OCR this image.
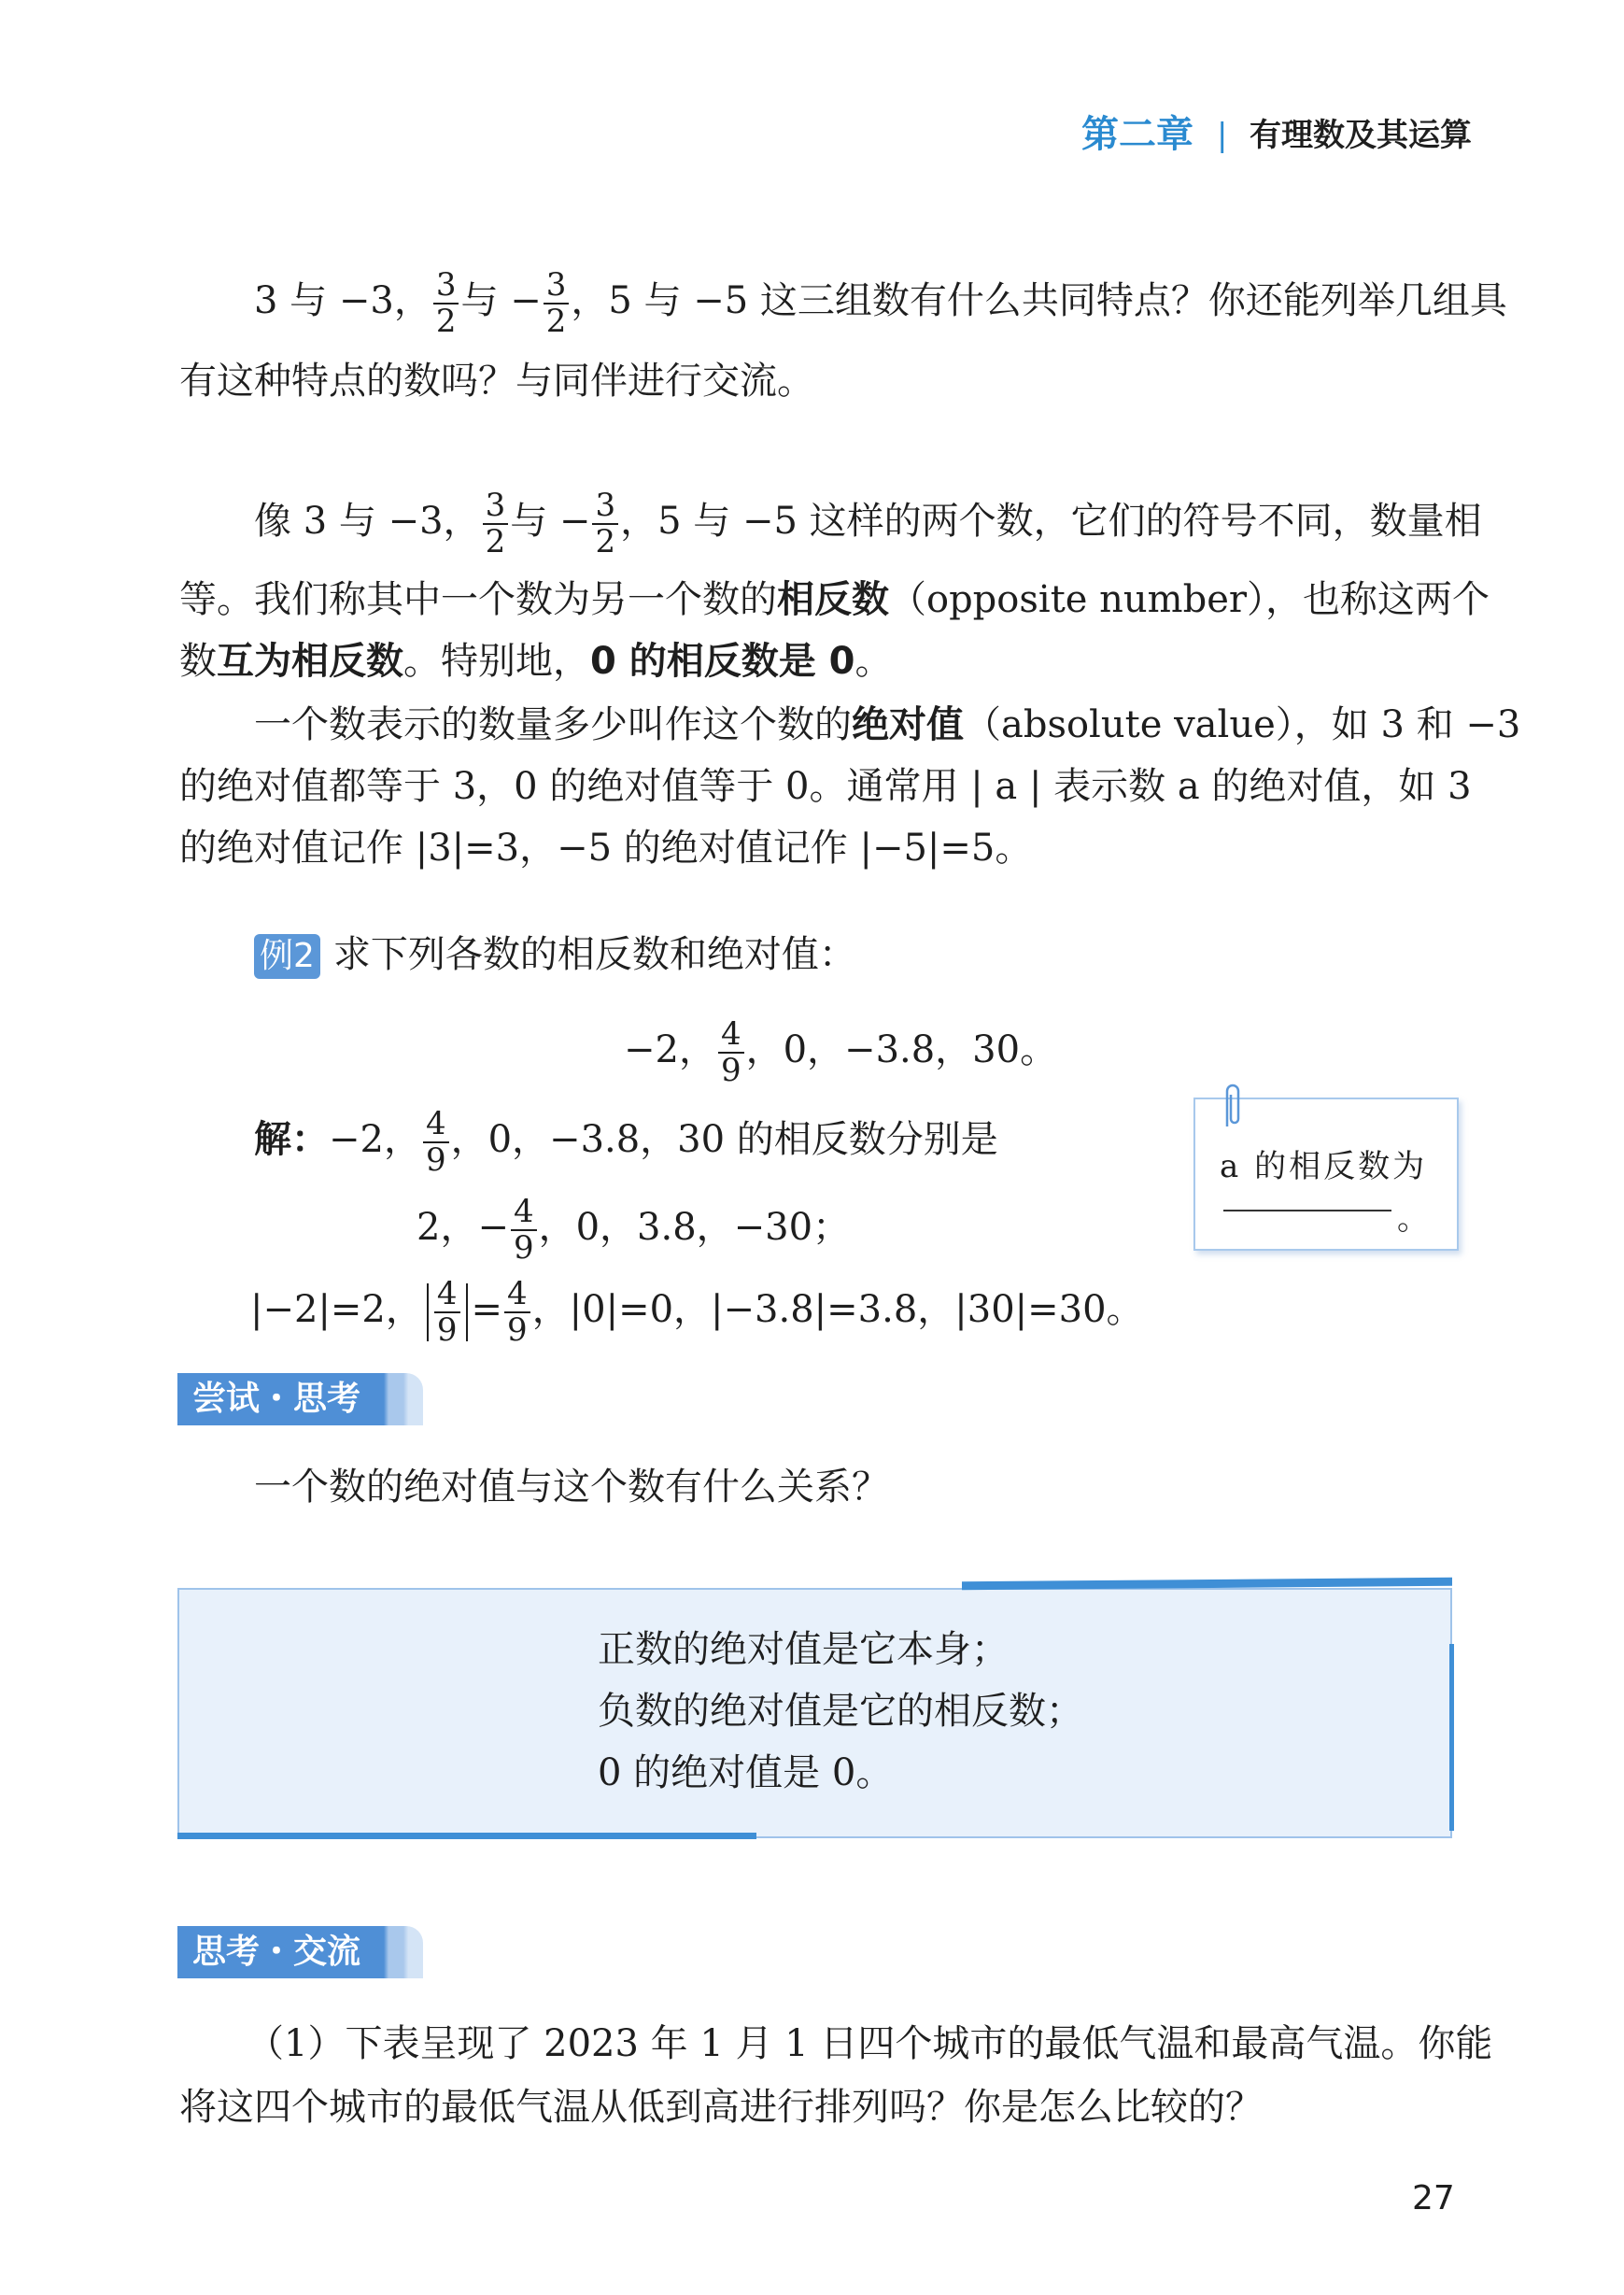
第二章 | 有理数及其运算
3 与 −3， $\frac{3}{2}$ 与 − $\frac{3}{2}$ ，5 与 −5 这三组数有什么共同特点？你还能列举几组具
有这种特点的数吗？与同伴进行交流。
像 3 与 −3， $\frac{3}{2}$ 与 − $\frac{3}{2}$ ，5 与 −5 这样的两个数，它们的符号不同，数量相
等。我们称其中一个数为另一个数的相反数（opposite number），也称这两个
数互为相反数。特别地，0 的相反数是 0。
一个数表示的数量多少叫作这个数的绝对值（absolute value），如 3 和 −3
的绝对值都等于 3，0 的绝对值等于 0。通常用 | a | 表示数 a 的绝对值，如 3
的绝对值记作 |3|=3，−5 的绝对值记作 |−5|=5。
例2 求下列各数的相反数和绝对值：
−2， $\frac{4}{9}$ ，0，−3.8，30。
解：−2， $\frac{4}{9}$ ，0，−3.8，30 的相反数分别是
2，− $\frac{4}{9}$ ，0，3.8，−30；
|−2|=2， $\frac{4}{9} = \frac{4}{9}$ ，|0|=0，|−3.8|=3.8，|30|=30。
a 的相反数为
。
尝试・思考
一个数的绝对值与这个数有什么关系？
正数的绝对值是它本身；
负数的绝对值是它的相反数；
0 的绝对值是 0。
思考・交流
（1）下表呈现了 2023 年 1 月 1 日四个城市的最低气温和最高气温。你能
将这四个城市的最低气温从低到高进行排列吗？你是怎么比较的？
27
